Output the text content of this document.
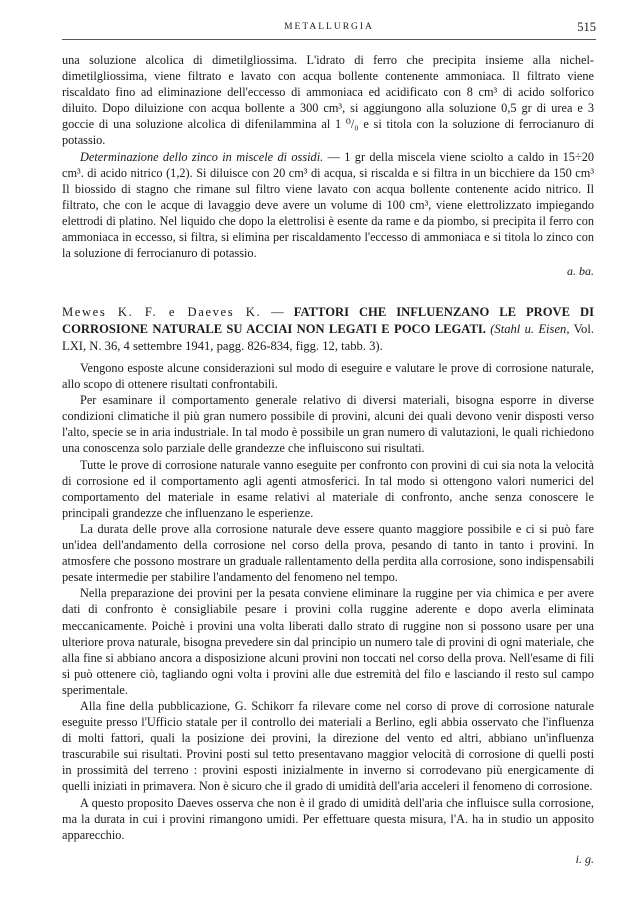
METALLURGIA	515

una soluzione alcolica di dimetilgliossima. L'idrato di ferro che precipita insieme alla nichel-dimetilgliossima, viene filtrato e lavato con acqua bollente contenente ammoniaca. Il filtrato viene riscaldato fino ad eliminazione dell'eccesso di ammoniaca ed acidificato con 8 cm³ di acido solforico diluito. Dopo diluizione con acqua bollente a 300 cm³, si aggiungono alla soluzione 0,5 gr di urea e 3 goccie di una soluzione alcolica di difenilammina al 1 ⁰/₀ e si titola con la soluzione di ferrocianuro di potassio.

Determinazione dello zinco in miscele di ossidi. — 1 gr della miscela viene sciolto a caldo in 15÷20 cm³. di acido nitrico (1,2). Si diluisce con 20 cm³ di acqua, si riscalda e si filtra in un bicchiere da 150 cm³ Il biossido di stagno che rimane sul filtro viene lavato con acqua bollente contenente acido nitrico. Il filtrato, che con le acque di lavaggio deve avere un volume di 100 cm³, viene elettrolizzato impiegando elettrodi di platino. Nel liquido che dopo la elettrolisi è esente da rame e da piombo, si precipita il ferro con ammoniaca in eccesso, si filtra, si elimina per riscaldamento l'eccesso di ammoniaca e si titola lo zinco con la soluzione di ferrocianuro di potassio.

a. ba.

Mewes K. F. e Daeves K. — FATTORI CHE INFLUENZANO LE PROVE DI CORROSIONE NATURALE SU ACCIAI NON LEGATI E POCO LEGATI. (Stahl u. Eisen, Vol. LXI, N. 36, 4 settembre 1941, pagg. 826-834, figg. 12, tabb. 3).

Vengono esposte alcune considerazioni sul modo di eseguire e valutare le prove di corrosione naturale, allo scopo di ottenere risultati confrontabili.

Per esaminare il comportamento generale relativo di diversi materiali, bisogna esporre in diverse condizioni climatiche il più gran numero possibile di provini, alcuni dei quali devono venir disposti verso l'alto, specie se in aria industriale. In tal modo è possibile un gran numero di valutazioni, le quali richiedono una conoscenza solo parziale delle grandezze che influiscono sui risultati.

Tutte le prove di corrosione naturale vanno eseguite per confronto con provini di cui sia nota la velocità di corrosione ed il comportamento agli agenti atmosferici. In tal modo si ottengono valori numerici del comportamento del materiale in esame relativi al materiale di confronto, anche senza conoscere le principali grandezze che influenzano le esperienze.

La durata delle prove alla corrosione naturale deve essere quanto maggiore possibile e ci si può fare un'idea dell'andamento della corrosione nel corso della prova, pesando di tanto in tanto i provini. In atmosfere che possono mostrare un graduale rallentamento della perdita alla corrosione, sono indispensabili pesate intermedie per stabilire l'andamento del fenomeno nel tempo.

Nella preparazione dei provini per la pesata conviene eliminare la ruggine per via chimica e per avere dati di confronto è consigliabile pesare i provini colla ruggine aderente e dopo averla eliminata meccanicamente. Poichè i provini una volta liberati dallo strato di ruggine non si possono usare per una ulteriore prova naturale, bisogna prevedere sin dal principio un numero tale di provini di ogni materiale, che alla fine si abbiano ancora a disposizione alcuni provini non toccati nel corso della prova. Nell'esame di fili si può ottenere ciò, tagliando ogni volta i provini alle due estremità del filo e lasciando il resto sul campo sperimentale.

Alla fine della pubblicazione, G. Schikorr fa rilevare come nel corso di prove di corrosione naturale eseguite presso l'Ufficio statale per il controllo dei materiali a Berlino, egli abbia osservato che l'influenza di molti fattori, quali la posizione dei provini, la direzione del vento ed altri, abbiano un'influenza trascurabile sui risultati. Provini posti sul tetto presentavano maggior velocità di corrosione di quelli posti in prossimità del terreno : provini esposti inizialmente in inverno si corrodevano più energicamente di quelli iniziati in primavera. Non è sicuro che il grado di umidità dell'aria acceleri il fenomeno di corrosione.

A questo proposito Daeves osserva che non è il grado di umidità dell'aria che influisce sulla corrosione, ma la durata in cui i provini rimangono umidi. Per effettuare questa misura, l'A. ha in studio un apposito apparecchio.

i. g.
